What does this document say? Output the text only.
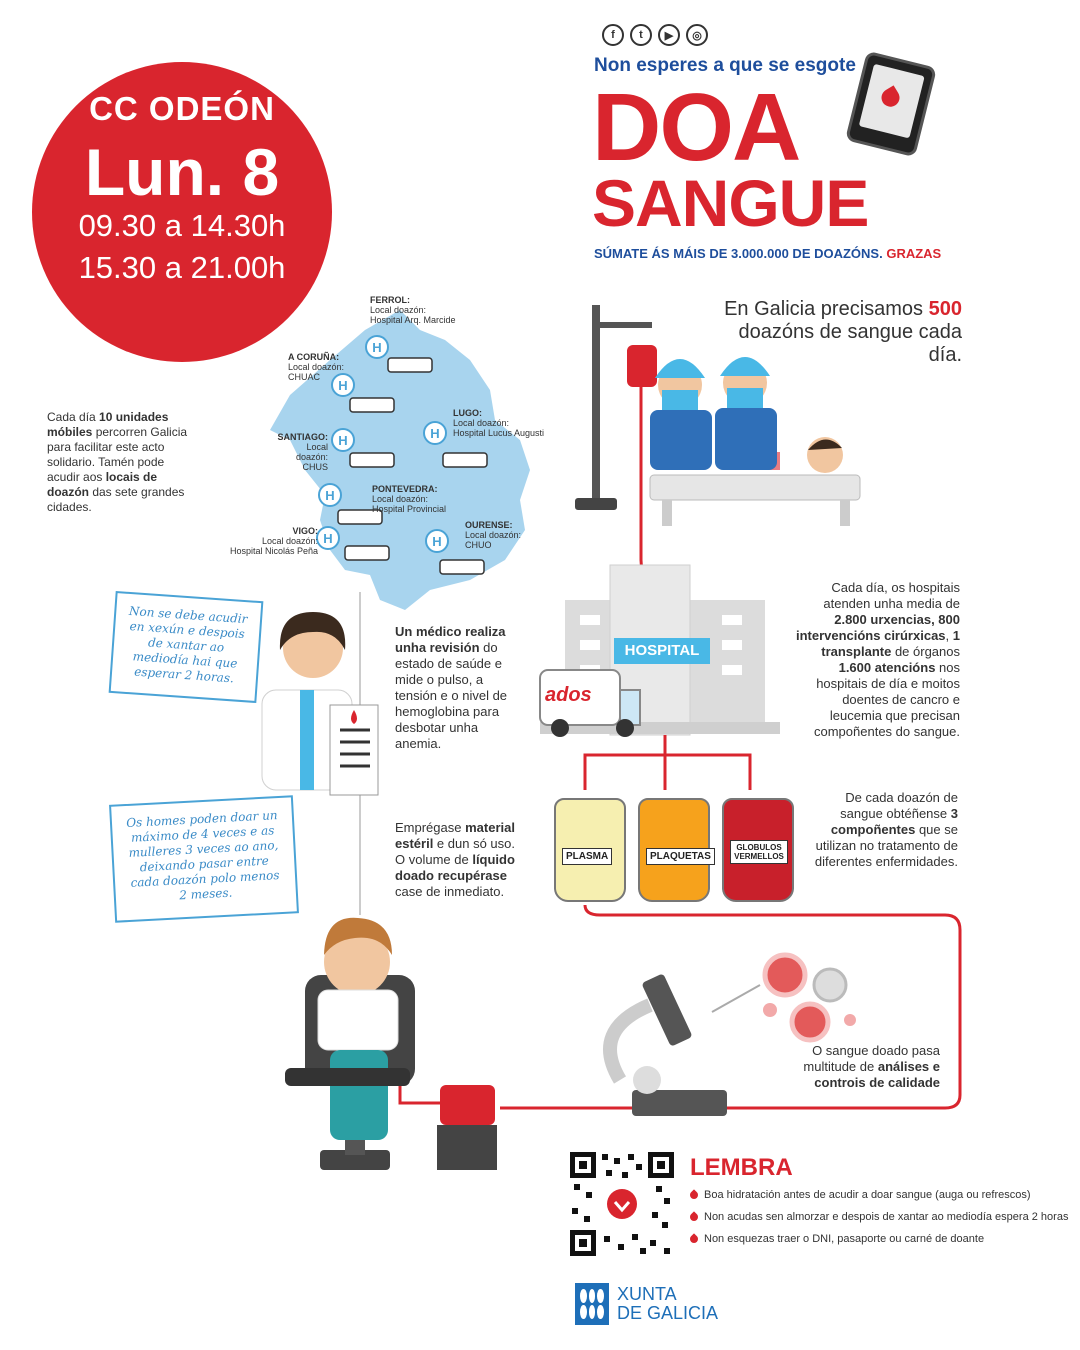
CC ODEÓN
Lun. 8
09.30 a 14.30h
15.30 a 21.00h
f	t	▶	◎
Non esperes a que se esgote
DOA
SANGUE
SÚMATE ÁS MÁIS DE 3.000.000 DE DOAZÓNS. GRAZAS
H
H
H
H
H
H	H
En Galicia precisamos 500 doazóns de sangue cada día.
FERROL:
Local doazón:
Hospital Arq. Marcide
A CORUÑA:
Local doazón:
CHUAC
LUGO:
Local doazón:
Hospital Lucus Augusti
SANTIAGO:
Local
doazón: CHUS
PONTEVEDRA:
Local doazón:
Hospital Provincial
VIGO:
Local doazón:
Hospital Nicolás Peña
OURENSE:
Local doazón:
CHUO
Cada día 10 unidades móbiles percorren Galicia para facilitar este acto solidario. Tamén pode acudir aos locais de doazón das sete grandes cidades.
Non se debe acudir en xexún e despois de xantar ao mediodía hai que esperar 2 horas.
Os homes poden doar un máximo de 4 veces e as mulleres 3 veces ao ano, deixando pasar entre cada doazón polo menos 2 meses.
Un médico realiza unha revisión do estado de saúde e mide o pulso, a tensión e o nivel de hemoglobina para desbotar unha anemia.
Emprégase material estéril e dun só uso. O volume de líquido doado recupérase case de inmediato.
HOSPITAL
ados
Cada día, os hospitais atenden unha media de 2.800 urxencias, 800 intervencións cirúrxicas, 1 transplante de órganos 1.600 atencións nos hospitais de día e moitos doentes de cancro e leucemia que precisan compoñentes do sangue.
PLASMA	PLAQUETAS
GLOBULOS VERMELLOS
De cada doazón de sangue obtéñense 3 compoñentes que se utilizan no tratamento de diferentes enfermidades.
O sangue doado pasa multitude de análises e controis de calidade
LEMBRA
Boa hidratación antes de acudir a doar sangue (auga ou refrescos)
Non acudas sen almorzar e despois de xantar ao mediodía espera 2 horas
Non esquezas traer o DNI, pasaporte ou carné de doante
XUNTA
DE GALICIA
